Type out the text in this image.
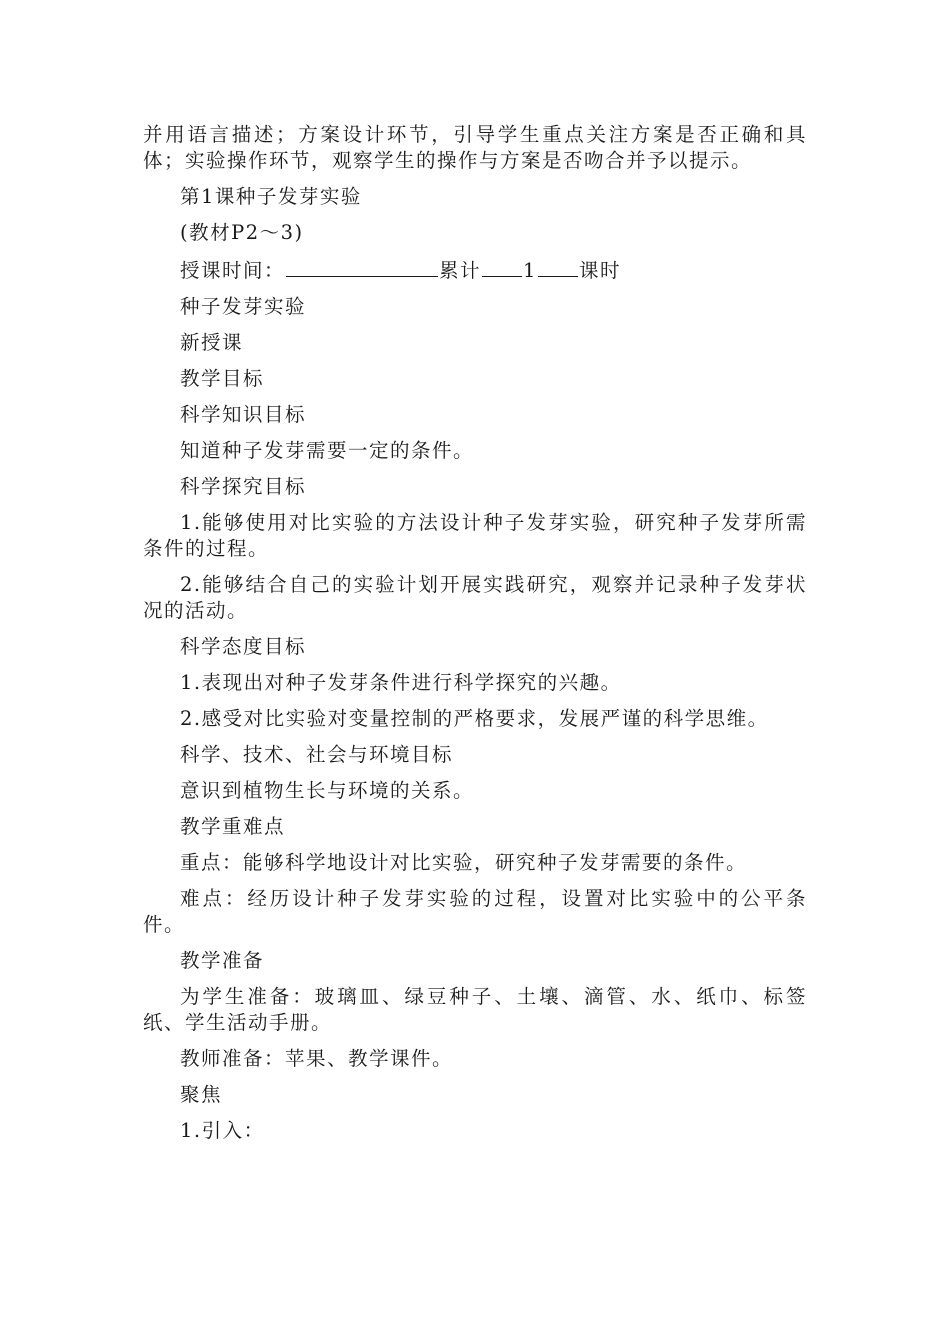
并用语言描述；方案设计环节，引导学生重点关注方案是否正确和具体；实验操作环节，观察学生的操作与方案是否吻合并予以提示。

第1课种子发芽实验

(教材P2～3)

授课时间：	累计 1 课时

种子发芽实验

新授课

教学目标

科学知识目标

知道种子发芽需要一定的条件。

科学探究目标

1.能够使用对比实验的方法设计种子发芽实验，研究种子发芽所需条件的过程。

2.能够结合自己的实验计划开展实践研究，观察并记录种子发芽状况的活动。

科学态度目标

1.表现出对种子发芽条件进行科学探究的兴趣。

2.感受对比实验对变量控制的严格要求，发展严谨的科学思维。

科学、技术、社会与环境目标

意识到植物生长与环境的关系。

教学重难点

重点：能够科学地设计对比实验，研究种子发芽需要的条件。

难点：经历设计种子发芽实验的过程，设置对比实验中的公平条件。

教学准备

为学生准备：玻璃皿、绿豆种子、土壤、滴管、水、纸巾、标签纸、学生活动手册。

教师准备：苹果、教学课件。

聚焦

1.引入：
